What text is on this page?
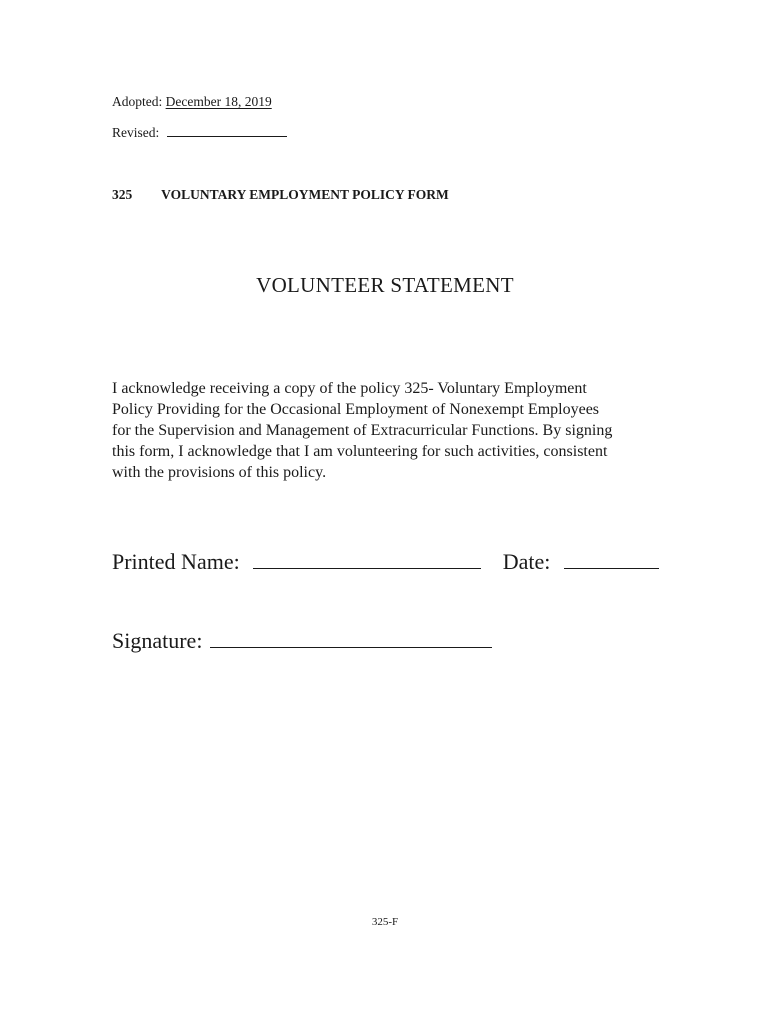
Adopted: December 18, 2019
Revised:
325 VOLUNTARY EMPLOYMENT POLICY FORM
VOLUNTEER STATEMENT

I acknowledge receiving a copy of the policy 325- Voluntary Employment
Policy Providing for the Occasional Employment of Nonexempt Employees
for the Supervision and Management of Extracurricular Functions. By signing
this form, I acknowledge that I am volunteering for such activities, consistent
with the provisions of this policy.

Printed Name:	Date:
Signature:
325-F
